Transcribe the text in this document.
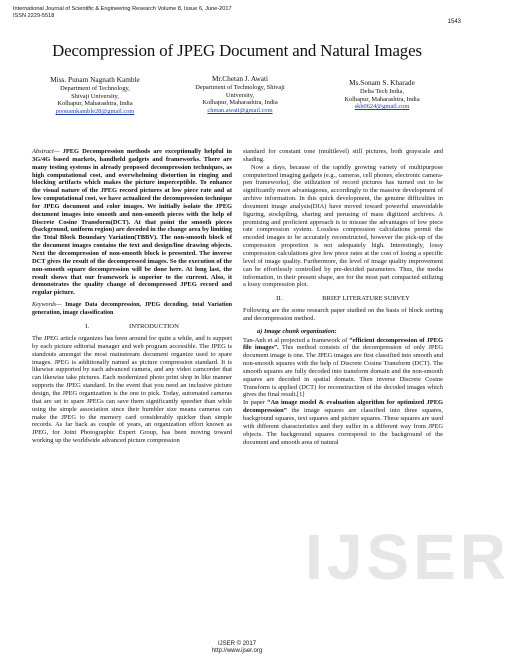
International Journal of Scientific & Engineering Research Volume 8, Issue 6, June-2017
ISSN 2229-5518
1543
Decompression of JPEG Document and Natural Images
Miss. Punam Nagnath Kamble
Department of Technology,
Shivaji University,
Kolhapur, Maharashtra, India
poonamkamble28@gmail.com
Mr.Chetan J. Awati
Department of Technology, Shivaji
University,
Kolhapur, Maharashtra, India
chetan.awati@gmail.com
Ms.Sonam S. Kharade
Delta Tech India,
Kolhapur, Maharashtra, India
skh0624@gmail.com
IJSER

Abstract— JPEG Decompression methods are exceptionally helpful in 3G/4G based markets, handheld gadgets and frameworks. There are many testing systems in already proposed decompression techniques, as high computational cost, and overwhelming distortion in ringing and blocking artifacts which makes the picture imperceptible. To enhance the visual nature of the JPEG record pictures at low piece rate and at low computational cost, we have actualized the decompression technique for JPEG document and color images. We initially isolate the JPEG document images into smooth and non-smooth pieces with the help of Discrete Cosine Transform(DCT). At that point the smooth pieces (background, uniform region) are decoded in the change area by limiting the Total Block Boundary Variation(TBBV). The non-smooth block of the document images contains the text and design/line drawing objects. Next the decompression of non-smooth block is presented. The inverse DCT gives the result of the decompressed images. So the execution of the non-smooth square decompression will be done here. At long last, the result shows that our framework is superior to the current. Also, it demonstrates the quality change of decompressed JPEG record and regular picture.

Keywords— Image Data decompression, JPEG decoding, total Variation generation, image classification

I.	INTRODUCTION

The JPEG article organizes has been around for quite a while, and is support by each picture editorial manager and web program accessible. The JPEG is standouts amongst the most mainstream document organize used to spare images. JPEG is additionally named as picture compression standard. It is likewise supported by each advanced camera, and any video camcorder that can likewise take pictures. Each modernized photo print shop in like manner supports the JPEG standard. In the event that you need an inclusive picture design, the JPEG organization is the one to pick. Today, automated cameras that are set to spare JPEGs can save them significantly speedier than while using the simple association since their humbler size means cameras can make the JPEG to the memory card considerably quicker than simple records. As far back as couple of years, an organization effort known as JPEG, for Joint Photographic Expert Group, has been moving toward working up the worldwide advanced picture compression

standard for constant tone (multilevel) still pictures, both grayscale and shading.

Now a days, because of the rapidly growing variety of multipurpose computerized imaging gadgets (e.g., cameras, cell phones, electronic camera-pen frameworks), the utilization of record pictures has turned out to be significantly more advantageous, accordingly to the massive development of archive information. In this quick development, the genuine difficulties in document image analysis(DIA) have moved toward powerful unavoidable figuring, stockpiling, sharing and perusing of mass digitized archives. A promising and proficient approach is to misuse the advantages of low piece rate compression system. Lossless compression calculations permit the encoded images to be accurately reconstructed, however the pick-up of the compression proportion is not adequately high. Interestingly, lossy compression calculations give low piece rates at the cost of losing a specific level of image quality. Furthermore, the level of image quality improvement can be effortlessly controlled by pre-decided parameters. Thus, the media information, in their present shape, are for the most part compacted utilizing a lossy compression plot.

II.	BRIEF LITERATURE SURVEY

Following are the some research paper studied on the basis of block sorting and decompression method.

a) Image chunk organization:

Tan-Anh et al projected a framework of “efficient decompression of JPEG file images”. This method consists of the decompression of only JPEG document image is one. The JPEG images are first classified into smooth and non-smooth squares with the help of Discrete Cosine Transform (DCT). The smooth squares are fully decoded into transform domain and the non-smooth squares are decoded in spatial domain. Then inverse Discrete Cosine Transform is applied (DCT) for reconstruction of the decoded images which gives the final result.[1]

In paper “An image model & evaluation algorithm for optimized JPEG decompression” the image squares are classified into three squares, background squares, text squares and picture squares. These squares are used with different characteristics and they suffer in a different way from JPEG objects. The background squares correspond to the background of the document and smooth area of natural

IJSER © 2017
http://www.ijser.org
